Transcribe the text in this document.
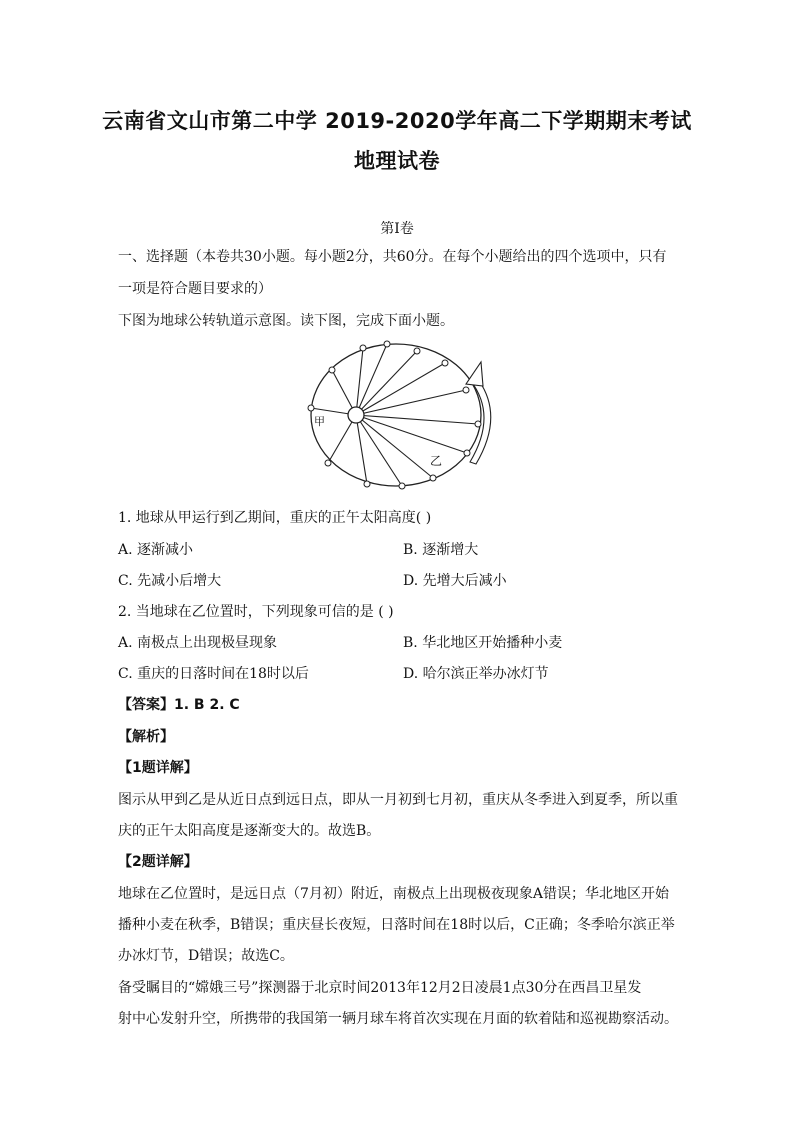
云南省文山市第二中学 2019-2020学年高二下学期期末考试
地理试卷
第Ⅰ卷
一、选择题（本卷共30小题。每小题2分，共60分。在每个小题给出的四个选项中，只有
一项是符合题目要求的）
下图为地球公转轨道示意图。读下图，完成下面小题。
甲
乙
1. 地球从甲运行到乙期间，重庆的正午太阳高度( )
A. 逐渐减小	B. 逐渐增大
C. 先减小后增大	D. 先增大后减小
2. 当地球在乙位置时，下列现象可信的是 ( )
A. 南极点上出现极昼现象	B. 华北地区开始播种小麦
C. 重庆的日落时间在18时以后	D. 哈尔滨正举办冰灯节
【答案】1. B 2. C
【解析】
【1题详解】
图示从甲到乙是从近日点到远日点，即从一月初到七月初，重庆从冬季进入到夏季，所以重
庆的正午太阳高度是逐渐变大的。故选B。
【2题详解】
地球在乙位置时，是远日点（7月初）附近，南极点上出现极夜现象A错误；华北地区开始
播种小麦在秋季，B错误；重庆昼长夜短，日落时间在18时以后，C正确；冬季哈尔滨正举
办冰灯节，D错误；故选C。
备受瞩目的“嫦娥三号”探测器于北京时间2013年12月2日凌晨1点30分在西昌卫星发
射中心发射升空，所携带的我国第一辆月球车将首次实现在月面的软着陆和巡视勘察活动。
